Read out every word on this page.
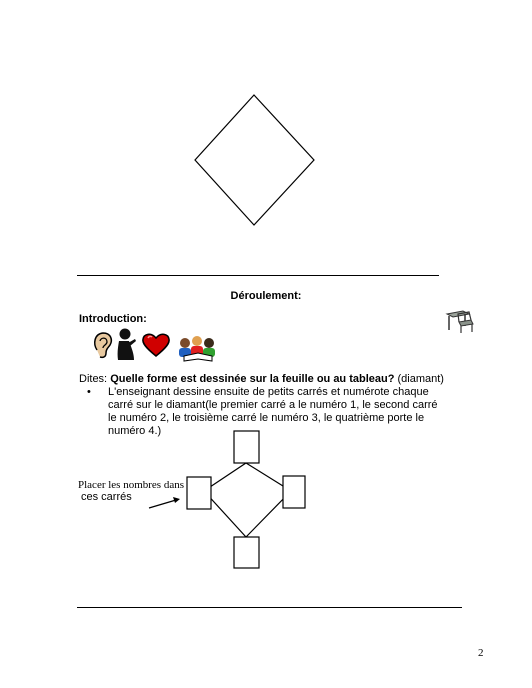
Déroulement:
Introduction:
Dites: Quelle forme est dessinée sur la feuille ou au tableau? (diamant)
• L'enseignant dessine ensuite de petits carrés et numérote chaque carré sur le diamant(le premier carré a le numéro 1, le second carré le numéro 2, le troisième carré le numéro 3, le quatrième porte le numéro 4.)
Placer les nombres dans
ces carrés
2
